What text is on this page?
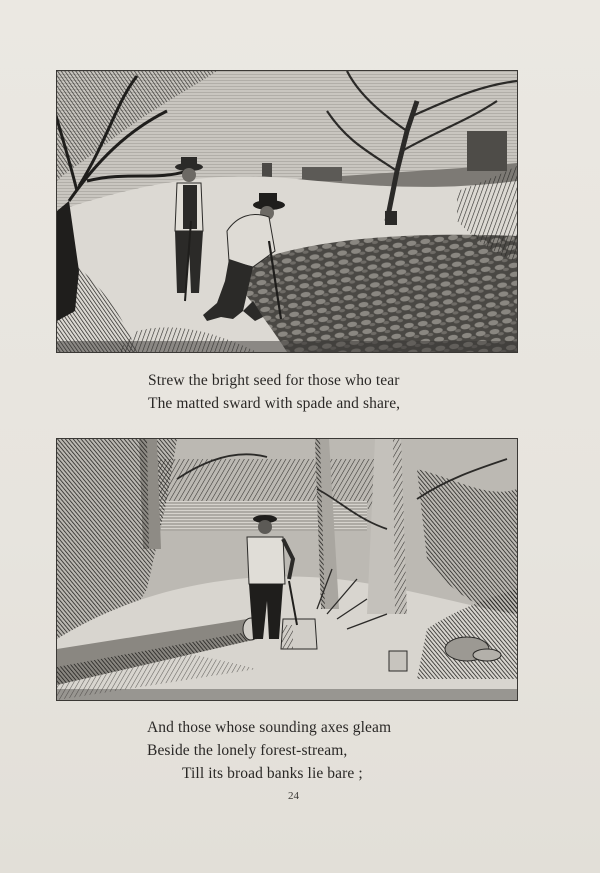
Strew the bright seed for those who tear
The matted sward with spade and share,
And those whose sounding axes gleam
Beside the lonely forest-stream,
Till its broad banks lie bare ;
24
